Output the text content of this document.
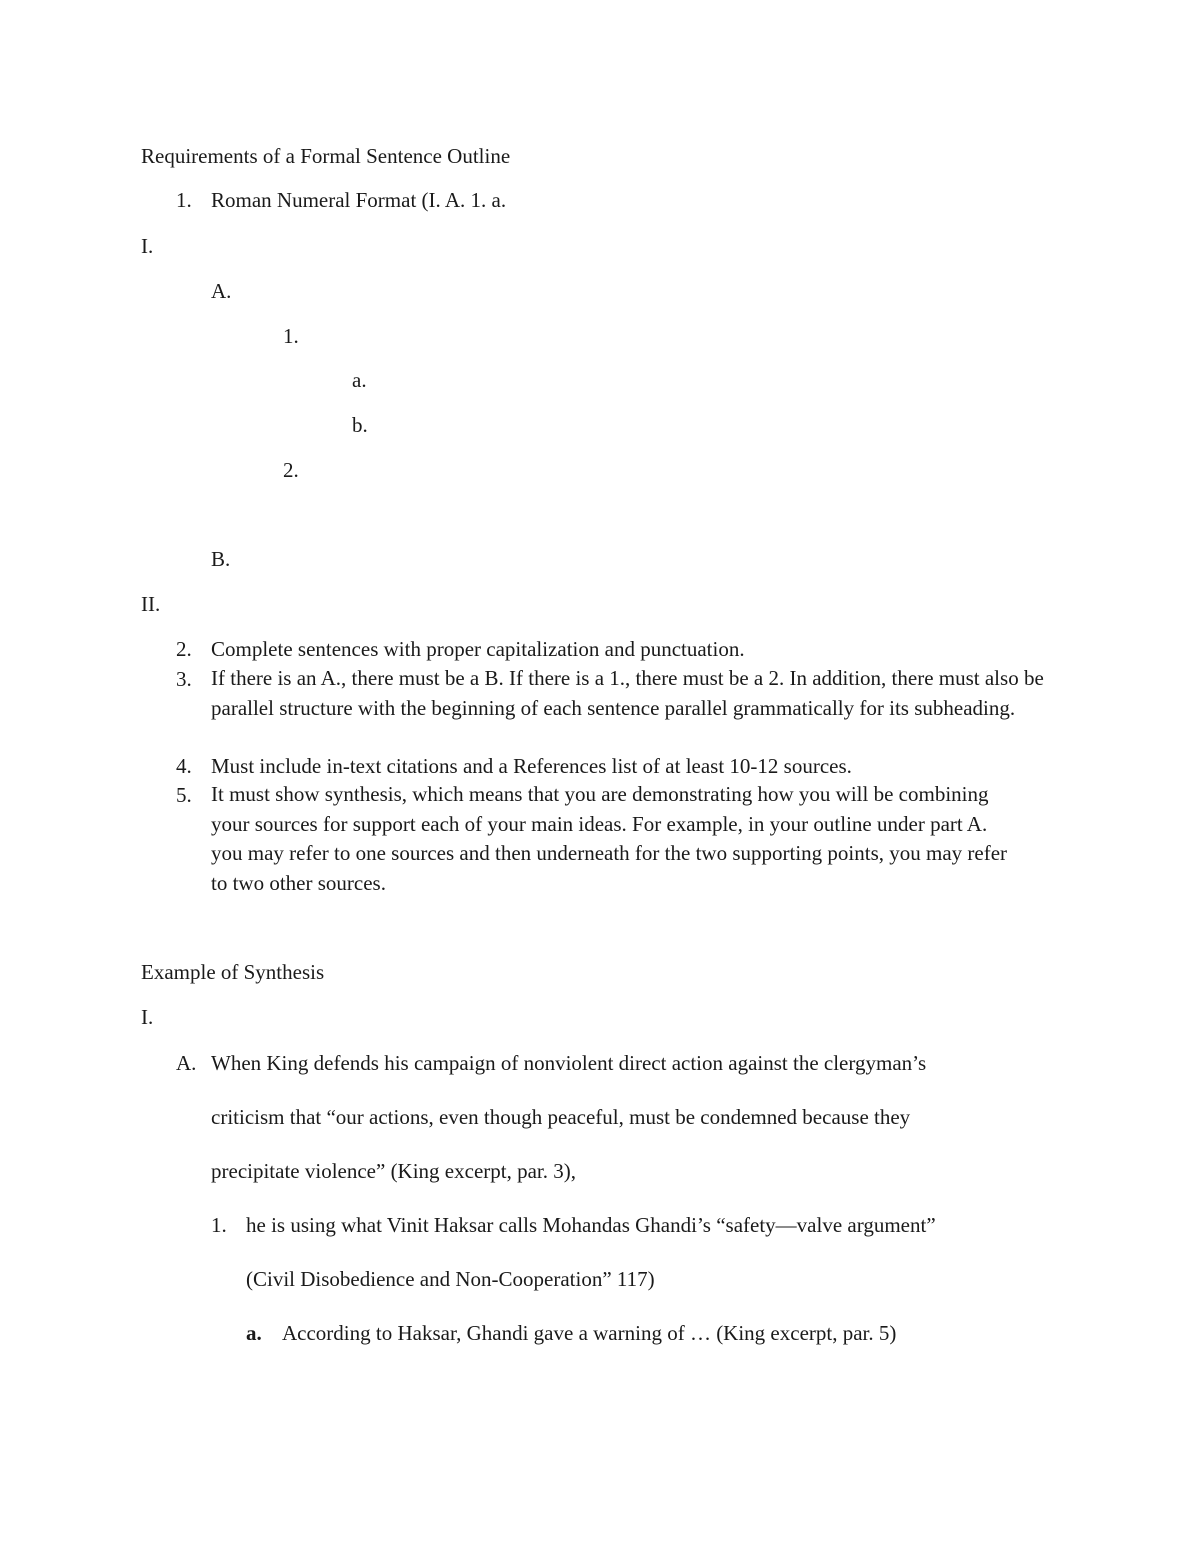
Requirements of a Formal Sentence Outline
1. Roman Numeral Format (I. A. 1. a.
I.
A.
1.
a.
b.
2.
B.
II.
2. Complete sentences with proper capitalization and punctuation.
3. If there is an A., there must be a B. If there is a 1., there must be a 2. In addition, there must also be parallel structure with the beginning of each sentence parallel grammatically for its subheading.
4. Must include in-text citations and a References list of at least 10-12 sources.
5. It must show synthesis, which means that you are demonstrating how you will be combining your sources for support each of your main ideas. For example, in your outline under part A. you may refer to one sources and then underneath for the two supporting points, you may refer to two other sources.
Example of Synthesis
I.
A. When King defends his campaign of nonviolent direct action against the clergyman’s
criticism that “our actions, even though peaceful, must be condemned because they
precipitate violence” (King excerpt, par. 3),
1. he is using what Vinit Haksar calls Mohandas Ghandi’s “safety—valve argument”
(Civil Disobedience and Non-Cooperation” 117)
a. According to Haksar, Ghandi gave a warning of … (King excerpt, par. 5)
